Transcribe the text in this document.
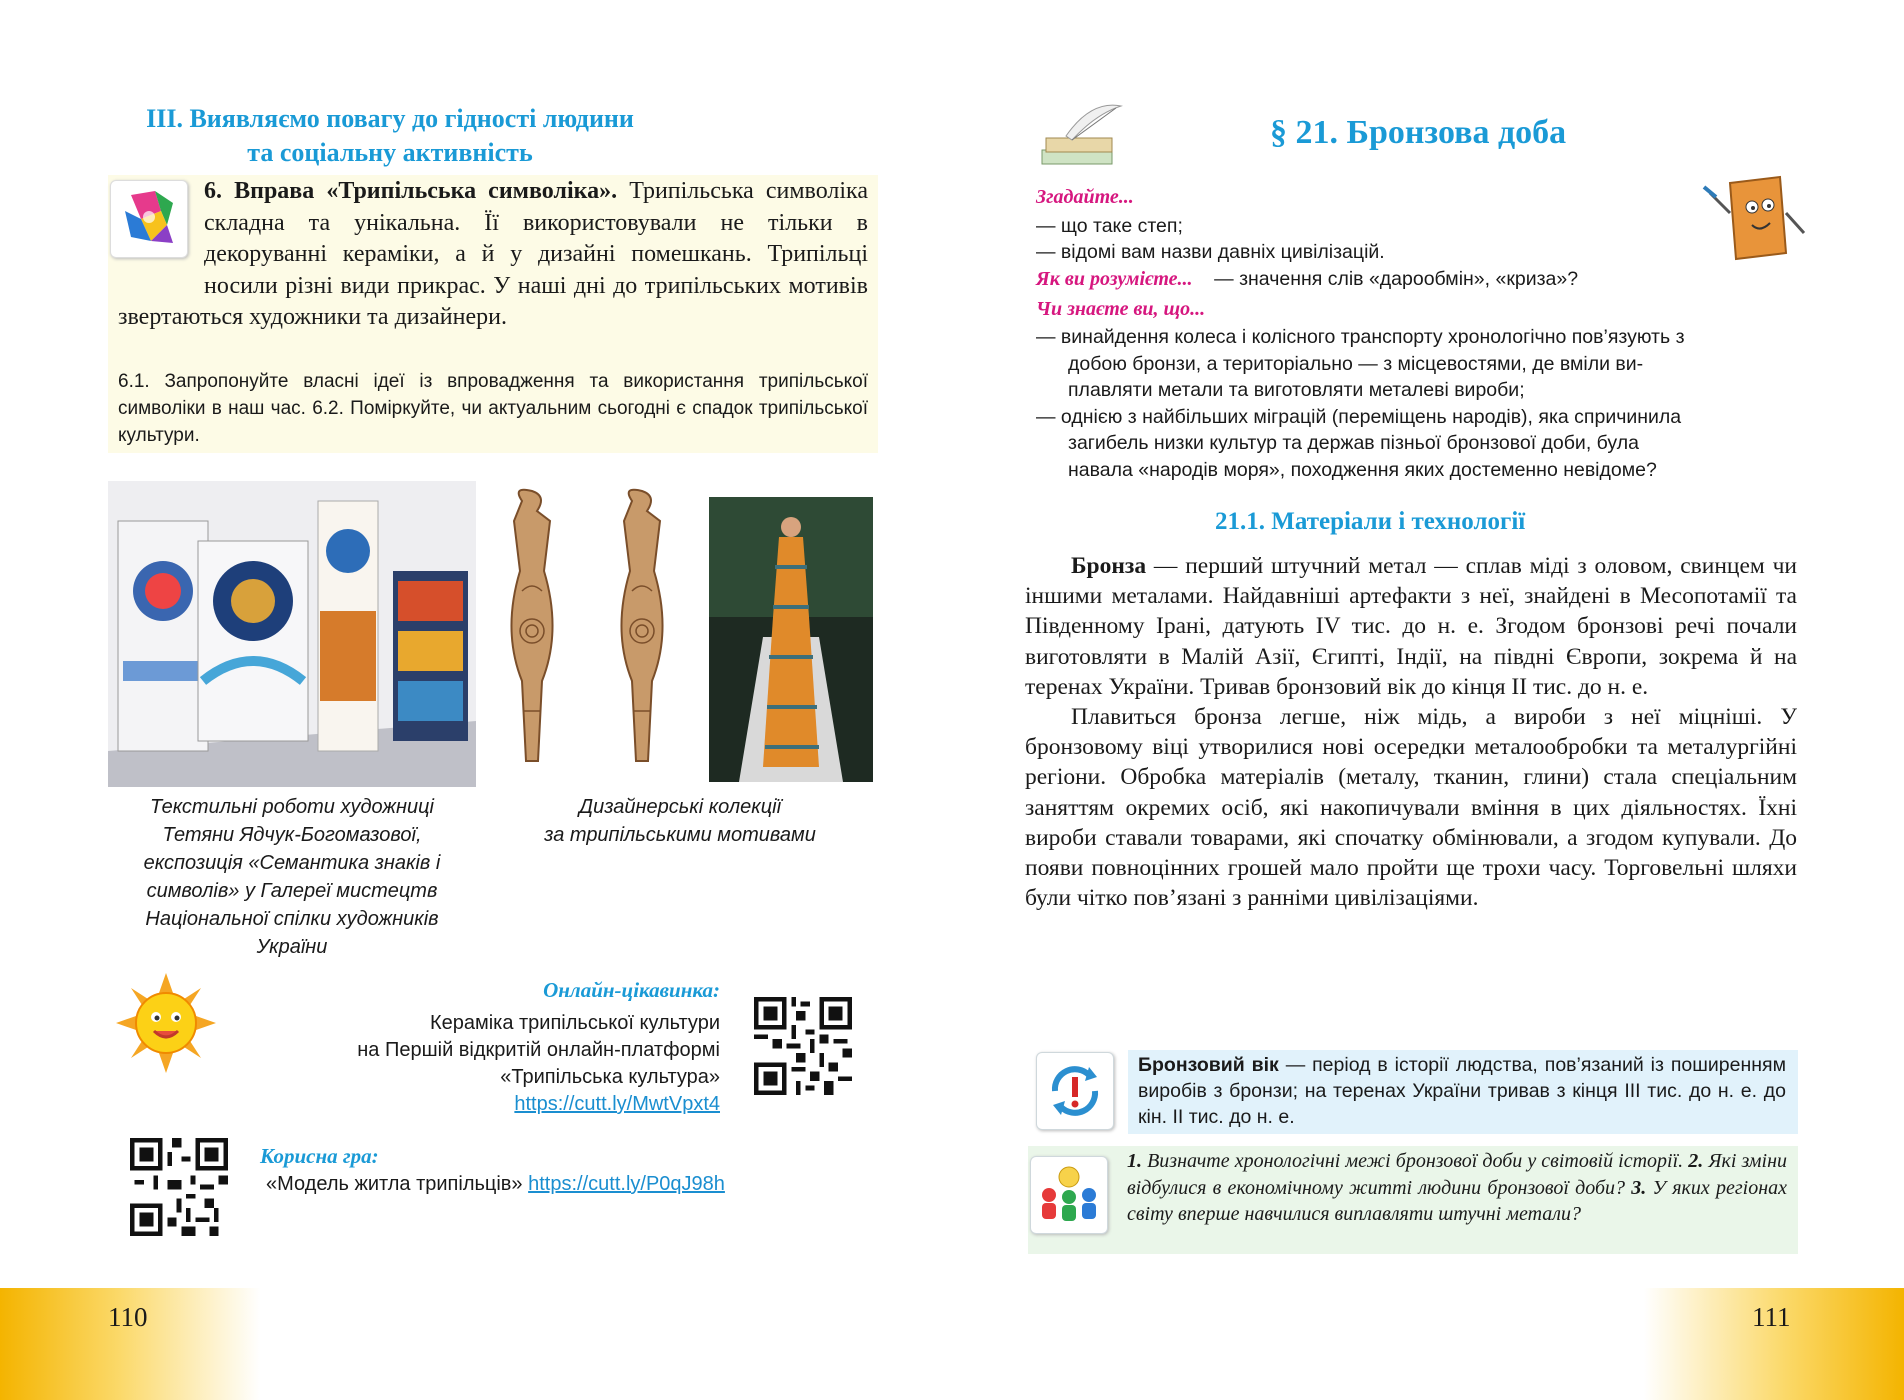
ІІІ. Виявляємо повагу до гідності людини
та соціальну активність
6. Вправа «Трипільська символіка». Трипільська символіка складна та унікальна. Її використовували не тільки в декоруванні кераміки, а й у дизайні помешкань. Трипільці носили різні види прикрас. У наші дні до трипільських мотивів звертаються художники та дизайнери.
6.1. Запропонуйте власні ідеї із впровадження та використання трипільської символіки в наш час. 6.2. Поміркуйте, чи актуальним сьогодні є спадок трипільської культури.
Текстильні роботи художниці
Тетяни Ядчук-Богомазової,
експозиція «Семантика знаків і
символів» у Галереї мистецтв
Національної спілки художників
України
Дизайнерські колекції
за трипільськими мотивами
Онлайн-цікавинка:
Кераміка трипільської культури
на Першій відкритій онлайн-платформі
«Трипільська культура»
https://cutt.ly/MwtVpxt4
Корисна гра:
«Модель житла трипільців» https://cutt.ly/P0qJ98h
§ 21. Бронзова доба
Згадайте...
— що таке степ;
— відомі вам назви давніх цивілізацій.
Як ви розумієте... — значення слів «дарообмін», «криза»?
Чи знаєте ви, що...
— винайдення колеса і колісного транспорту хронологічно пов’язують з
добою бронзи, а територіально — з місцевостями, де вміли ви-
плавляти метали та виготовляти металеві вироби;
— однією з найбільших міграцій (переміщень народів), яка спричинила
загибель низки культур та держав пізньої бронзової доби, була
навала «народів моря», походження яких достеменно невідоме?
21.1. Матеріали і технології

Бронза — перший штучний метал — сплав міді з оловом, свинцем чи іншими металами. Найдавніші артефакти з неї, знайдені в Месопотамії та Південному Ірані, датують IV тис. до н. е. Згодом бронзові речі почали виготовляти в Малій Азії, Єгипті, Індії, на півдні Європи, зокрема й на теренах України. Тривав бронзовий вік до кінця ІІ тис. до н. е.

Плавиться бронза легше, ніж мідь, а вироби з неї міцніші. У бронзовому віці утворилися нові осередки металообробки та металургійні регіони. Обробка матеріалів (металу, тканин, глини) стала спеціальним заняттям окремих осіб, які накопичували вміння в цих діяльностях. Їхні вироби ставали товарами, які спочатку обмінювали, а згодом купували. До появи повноцінних грошей мало пройти ще трохи часу. Торговельні шляхи були чітко пов’язані з ранніми цивілізаціями.

Бронзовий вік — період в історії людства, пов’язаний із поширенням виробів з бронзи; на теренах України тривав з кінця ІІІ тис. до н. е. до кін. ІІ тис. до н. е.
1. Визначте хронологічні межі бронзової доби у світовій історії. 2. Які зміни відбулися в економічному житті людини бронзової доби? 3. У яких регіонах світу вперше навчилися виплавляти штучні метали?
110	111
